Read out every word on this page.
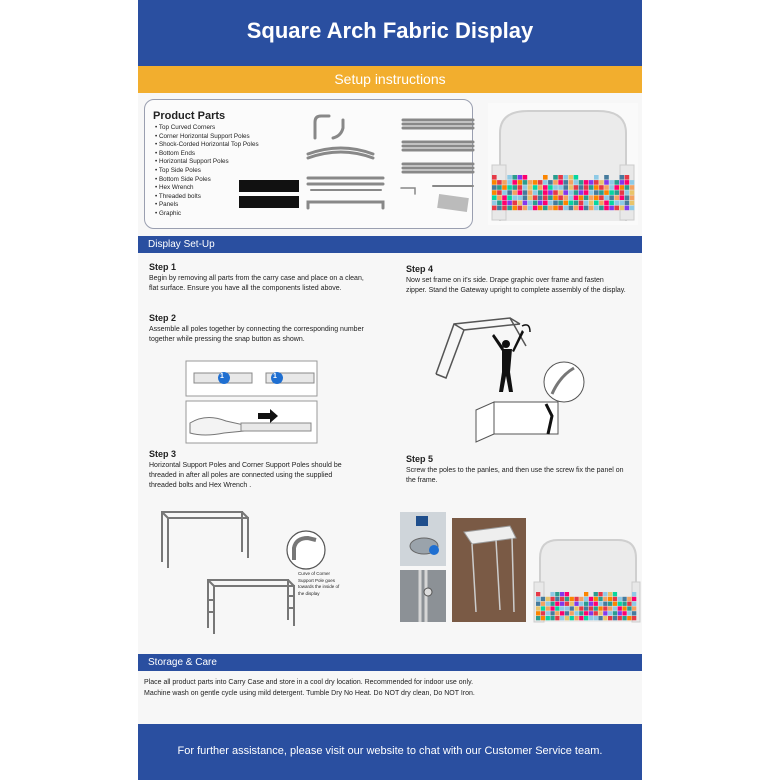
Square Arch Fabric Display
Setup instructions
Product Parts
• Top Curved Corners
• Corner Horizontal Support Poles
• Shock-Corded Horizontal Top Poles
• Bottom Ends
• Horizontal Support Poles
• Top Side Poles
• Bottom Side Poles
• Hex Wrench
• Threaded bolts
• Panels
• Graphic
Display Set-Up
Step 1
Begin by removing all parts from the carry case and place on a clean, flat surface. Ensure you have all the components listed above.
Step 2
Assemble all poles together by connecting the corresponding number together while pressing the snap button as shown.
1	1
Step 3
Horizontal Support Poles and Corner Support Poles should be threaded in after all poles are connected using the supplied threaded bolts and Hex Wrench .
Curve of Corner Support Pole goes towards the inside of the display
Step 4
Now set frame on it's side. Drape graphic over frame and fasten zipper. Stand the Gateway upright to complete assembly of the display.
Step 5
Screw the poles to the panles, and then use the screw fix the panel on the frame.
Storage & Care
Place all product parts into Carry Case and store in a cool dry location. Recommended for indoor use only.
Machine wash on gentle cycle using mild detergent. Tumble Dry No Heat. Do NOT dry clean, Do NOT Iron.
For further assistance, please visit our website to chat with our Customer Service team.
